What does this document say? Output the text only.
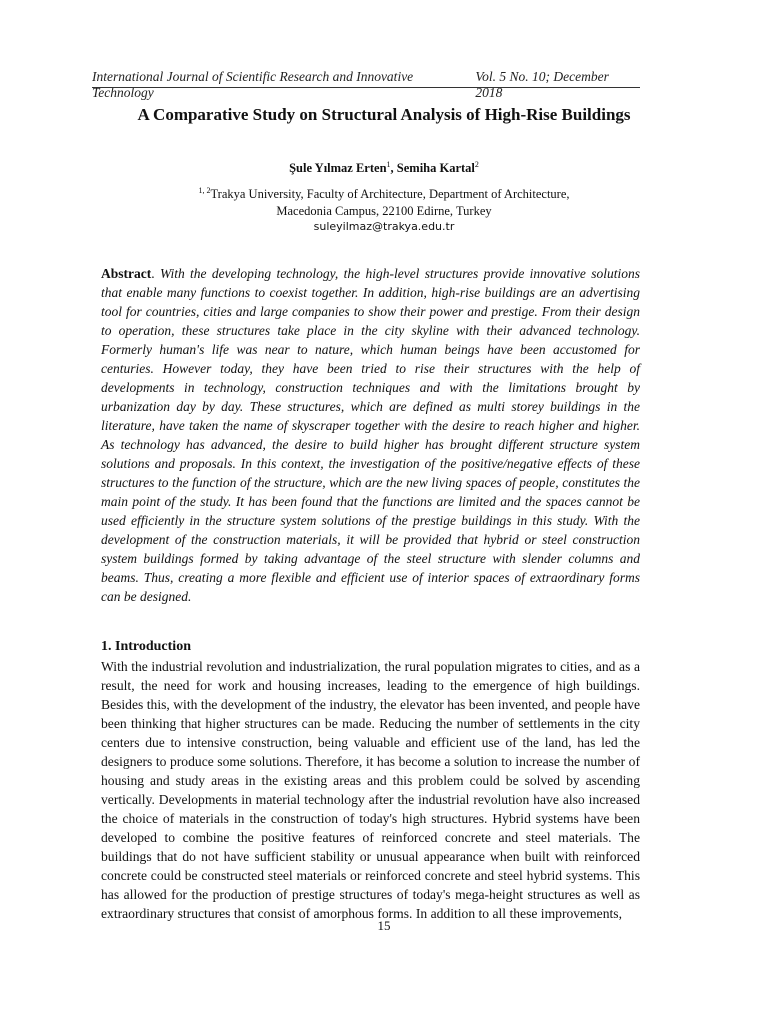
International Journal of Scientific Research and Innovative Technology
Vol. 5 No. 10; December 2018
A Comparative Study on Structural Analysis of High-Rise Buildings
Şule Yılmaz Erten$^1$, Semiha Kartal$^2$
$^{1, 2}$Trakya University, Faculty of Architecture, Department of Architecture,
Macedonia Campus, 22100 Edirne, Turkey
suleyilmaz@trakya.edu.tr
Abstract. With the developing technology, the high-level structures provide innovative solutions that enable many functions to coexist together. In addition, high-rise buildings are an advertising tool for countries, cities and large companies to show their power and prestige. From their design to operation, these structures take place in the city skyline with their advanced technology. Formerly human's life was near to nature, which human beings have been accustomed for centuries. However today, they have been tried to rise their structures with the help of developments in technology, construction techniques and with the limitations brought by urbanization day by day. These structures, which are defined as multi storey buildings in the literature, have taken the name of skyscraper together with the desire to reach higher and higher. As technology has advanced, the desire to build higher has brought different structure system solutions and proposals. In this context, the investigation of the positive/negative effects of these structures to the function of the structure, which are the new living spaces of people, constitutes the main point of the study. It has been found that the functions are limited and the spaces cannot be used efficiently in the structure system solutions of the prestige buildings in this study. With the development of the construction materials, it will be provided that hybrid or steel construction system buildings formed by taking advantage of the steel structure with slender columns and beams. Thus, creating a more flexible and efficient use of interior spaces of extraordinary forms can be designed.
1. Introduction
With the industrial revolution and industrialization, the rural population migrates to cities, and as a result, the need for work and housing increases, leading to the emergence of high buildings. Besides this, with the development of the industry, the elevator has been invented, and people have been thinking that higher structures can be made. Reducing the number of settlements in the city centers due to intensive construction, being valuable and efficient use of the land, has led the designers to produce some solutions. Therefore, it has become a solution to increase the number of housing and study areas in the existing areas and this problem could be solved by ascending vertically. Developments in material technology after the industrial revolution have also increased the choice of materials in the construction of today's high structures. Hybrid systems have been developed to combine the positive features of reinforced concrete and steel materials. The buildings that do not have sufficient stability or unusual appearance when built with reinforced concrete could be constructed steel materials or reinforced concrete and steel hybrid systems. This has allowed for the production of prestige structures of today's mega-height structures as well as extraordinary structures that consist of amorphous forms. In addition to all these improvements,
15
